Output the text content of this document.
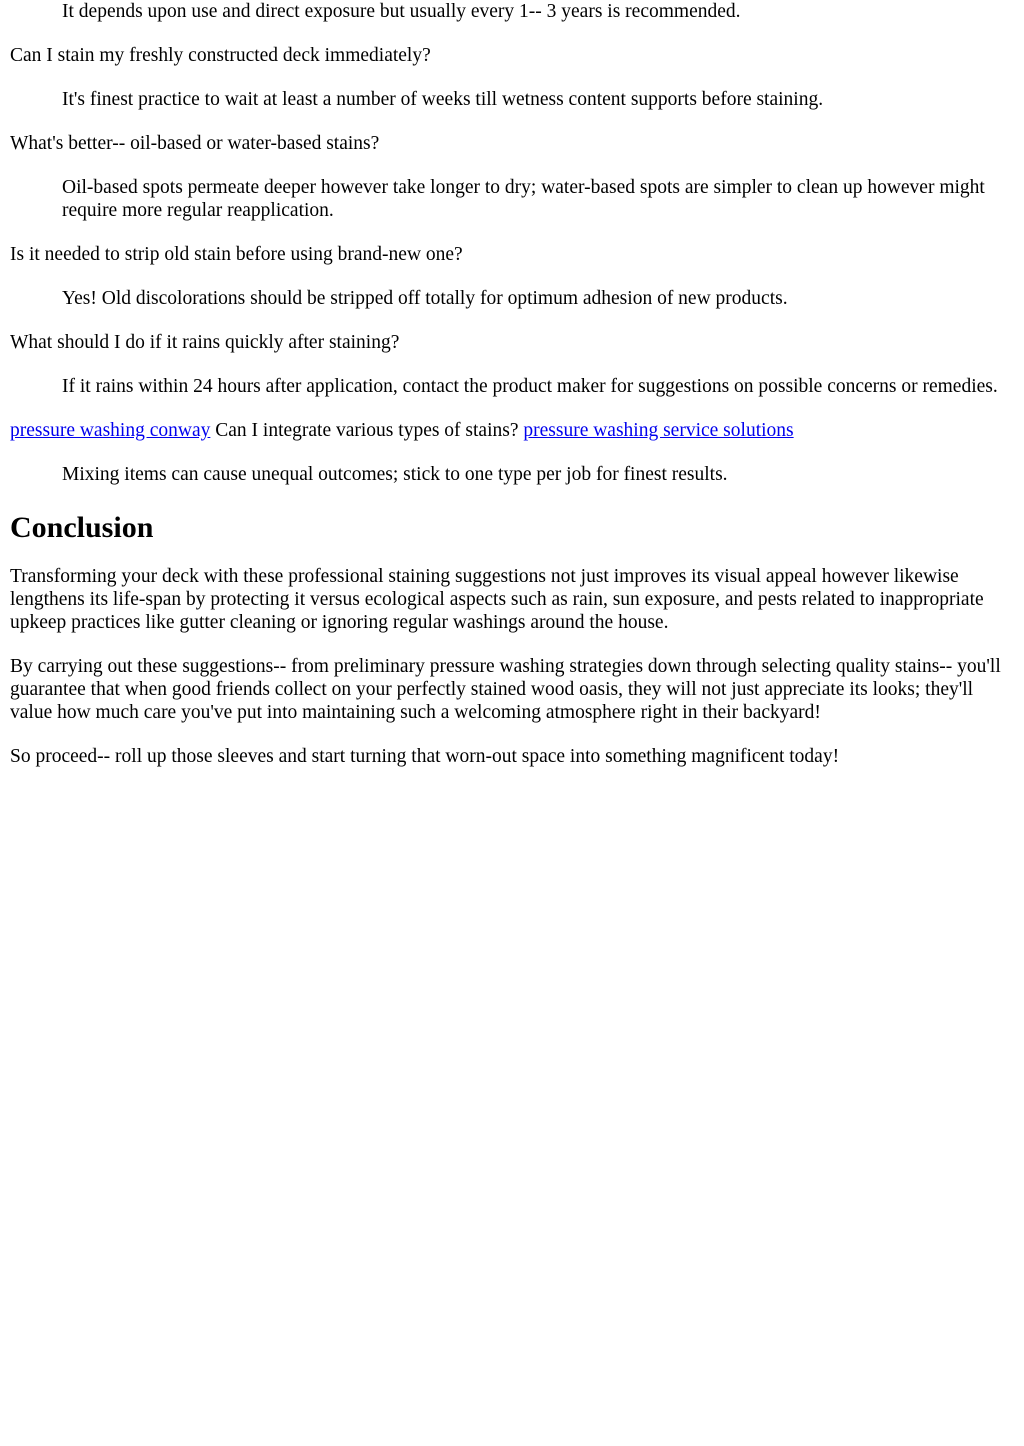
It depends upon use and direct exposure but usually every 1-- 3 years is recommended.

Can I stain my freshly constructed deck immediately?

It's finest practice to wait at least a number of weeks till wetness content supports before staining.

What's better-- oil-based or water-based stains?

Oil-based spots permeate deeper however take longer to dry; water-based spots are simpler to clean up however might require more regular reapplication.

Is it needed to strip old stain before using brand-new one?

Yes! Old discolorations should be stripped off totally for optimum adhesion of new products.

What should I do if it rains quickly after staining?

If it rains within 24 hours after application, contact the product maker for suggestions on possible concerns or remedies.

pressure washing conway Can I integrate various types of stains? pressure washing service solutions

Mixing items can cause unequal outcomes; stick to one type per job for finest results.

Conclusion

Transforming your deck with these professional staining suggestions not just improves its visual appeal however likewise lengthens its life-span by protecting it versus ecological aspects such as rain, sun exposure, and pests related to inappropriate upkeep practices like gutter cleaning or ignoring regular washings around the house.

By carrying out these suggestions-- from preliminary pressure washing strategies down through selecting quality stains-- you'll guarantee that when good friends collect on your perfectly stained wood oasis, they will not just appreciate its looks; they'll value how much care you've put into maintaining such a welcoming atmosphere right in their backyard!

So proceed-- roll up those sleeves and start turning that worn-out space into something magnificent today!
